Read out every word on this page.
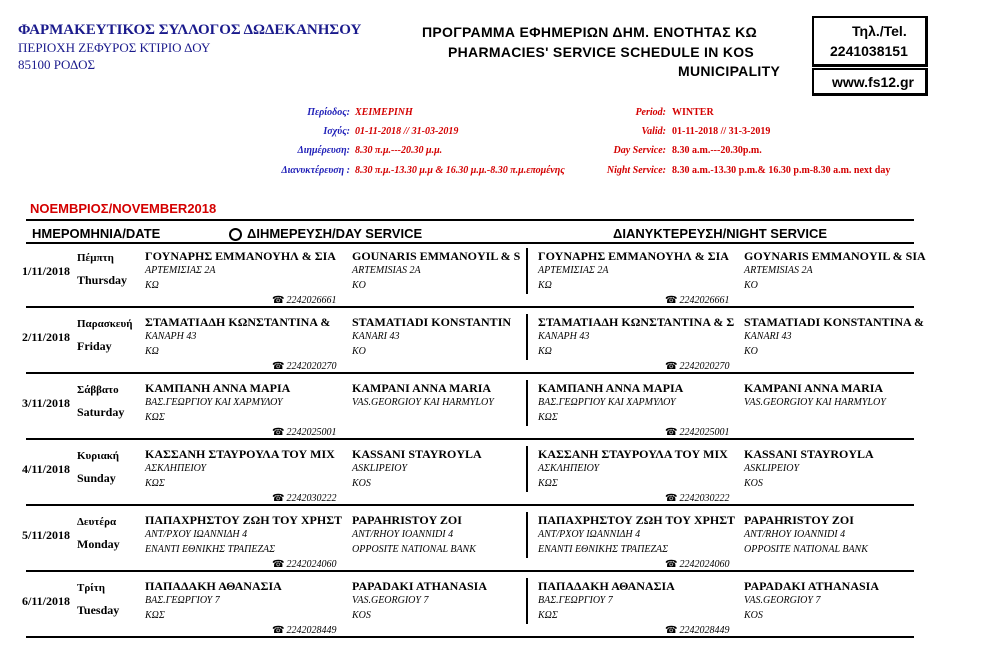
ΦΑΡΜΑΚΕΥΤΙΚΟΣ ΣΥΛΛΟΓΟΣ ΔΩΔΕΚΑΝΗΣΟΥ
ΠΕΡΙΟΧΗ ΖΕΦΥΡΟΣ ΚΤΙΡΙΟ ΔΟΥ
85100 ΡΟΔΟΣ
ΠΡΟΓΡΑΜΜΑ ΕΦΗΜΕΡΙΩΝ ΔΗΜ. ΕΝΟΤΗΤΑΣ ΚΩ
PHARMACIES' SERVICE SCHEDULE IN KOS
MUNICIPALITY
Τηλ./Tel.
2241038151
www.fs12.gr
Περίοδος: ΧΕΙΜΕΡΙΝΗ
Ισχύς: 01-11-2018 // 31-03-2019
Διημέρευση: 8.30 π.μ.---20.30 μ.μ.
Διανυκτέρευση : 8.30 π.μ.-13.30 μ.μ & 16.30 μ.μ.-8.30 π.μ.επομένης
Period: WINTER
Valid: 01-11-2018 // 31-3-2019
Day Service: 8.30 a.m.---20.30p.m.
Night Service: 8.30 a.m.-13.30 p.m.& 16.30 p.m-8.30 a.m. next day
ΝΟΕΜΒΡΙΟΣ/NOVEMBER2018
ΗΜΕΡΟΜΗΝΙΑ/DATE	ΔΙΗΜΕΡΕΥΣΗ/DAY SERVICE	ΔΙΑΝΥΚΤΕΡΕΥΣΗ/NIGHT SERVICE
1/11/2018
Πέμπτη
Thursday
ΓΟΥΝΑΡΗΣ ΕΜΜΑΝΟΥΗΛ & ΣΙΑ
ΑΡΤΕΜΙΣΙΑΣ 2Α
ΚΩ
GOUNARIS EMMANOYIL & S
ARTEMISIAS 2A
KO
☎ 2242026661
ΓΟΥΝΑΡΗΣ ΕΜΜΑΝΟΥΗΛ & ΣΙΑ
ΑΡΤΕΜΙΣΙΑΣ 2Α
ΚΩ
GOYNARIS EMMANOYIL & SIA
ARTEMISIAS 2A
KO
☎ 2242026661
2/11/2018
Παρασκευή
Friday
ΣΤΑΜΑΤΙΑΔΗ ΚΩΝΣΤΑΝΤΙΝΑ &
ΚΑΝΑΡΗ 43
ΚΩ
STAMATIADI KONSTANTIN
KANARI 43
KO
☎ 2242020270
ΣΤΑΜΑΤΙΑΔΗ ΚΩΝΣΤΑΝΤΙΝΑ & Σ
ΚΑΝΑΡΗ 43
ΚΩ
STAMATIADI KONSTANTINA &
KANARI 43
KO
☎ 2242020270
3/11/2018
Σάββατο
Saturday
ΚΑΜΠΑΝΗ ΑΝΝΑ ΜΑΡΙΑ
ΒΑΣ.ΓΕΩΡΓΙΟΥ ΚΑΙ ΧΑΡΜΥΛΟΥ
ΚΩΣ
KAMPANI ANNA MARIA
VAS.GEORGIOY KAI HARMYLOY
☎ 2242025001
ΚΑΜΠΑΝΗ ΑΝΝΑ ΜΑΡΙΑ
ΒΑΣ.ΓΕΩΡΓΙΟΥ ΚΑΙ ΧΑΡΜΥΛΟΥ
ΚΩΣ
KAMPANI ANNA MARIA
VAS.GEORGIOY KAI HARMYLOY
☎ 2242025001
4/11/2018
Κυριακή
Sunday
ΚΑΣΣΑΝΗ ΣΤΑΥΡΟΥΛΑ ΤΟΥ ΜΙΧ
ΑΣΚΛΗΠΕΙΟΥ
ΚΩΣ
KASSANI STAYROYLA
ASKLIPEIOY
KOS
☎ 2242030222
ΚΑΣΣΑΝΗ ΣΤΑΥΡΟΥΛΑ ΤΟΥ ΜΙΧ
ΑΣΚΛΗΠΕΙΟΥ
ΚΩΣ
KASSANI STAYROYLA
ASKLIPEIOY
KOS
☎ 2242030222
5/11/2018
Δευτέρα
Monday
ΠΑΠΑΧΡΗΣΤΟΥ ΖΩΗ ΤΟΥ ΧΡΗΣΤ
ΑΝΤ/ΡΧΟΥ ΙΩΑΝΝΙΔΗ 4
ΕΝΑΝΤΙ ΕΘΝΙΚΗΣ ΤΡΑΠΕΖΑΣ
PAPAHRISTOY ZOI
ANT/RHOY IOANNIDI 4
OPPOSITE NATIONAL BANK
☎ 2242024060
ΠΑΠΑΧΡΗΣΤΟΥ ΖΩΗ ΤΟΥ ΧΡΗΣΤ
ΑΝΤ/ΡΧΟΥ ΙΩΑΝΝΙΔΗ 4
ΕΝΑΝΤΙ ΕΘΝΙΚΗΣ ΤΡΑΠΕΖΑΣ
PAPAHRISTOY ZOI
ANT/RHOY IOANNIDI 4
OPPOSITE NATIONAL BANK
☎ 2242024060
6/11/2018
Τρίτη
Tuesday
ΠΑΠΑΔΑΚΗ ΑΘΑΝΑΣΙΑ
ΒΑΣ.ΓΕΩΡΓΙΟΥ 7
ΚΩΣ
PAPADAKI ATHANASIA
VAS.GEORGIOY 7
KOS
☎ 2242028449
ΠΑΠΑΔΑΚΗ ΑΘΑΝΑΣΙΑ
ΒΑΣ.ΓΕΩΡΓΙΟΥ 7
ΚΩΣ
PAPADAKI ATHANASIA
VAS.GEORGIOY 7
KOS
☎ 2242028449
